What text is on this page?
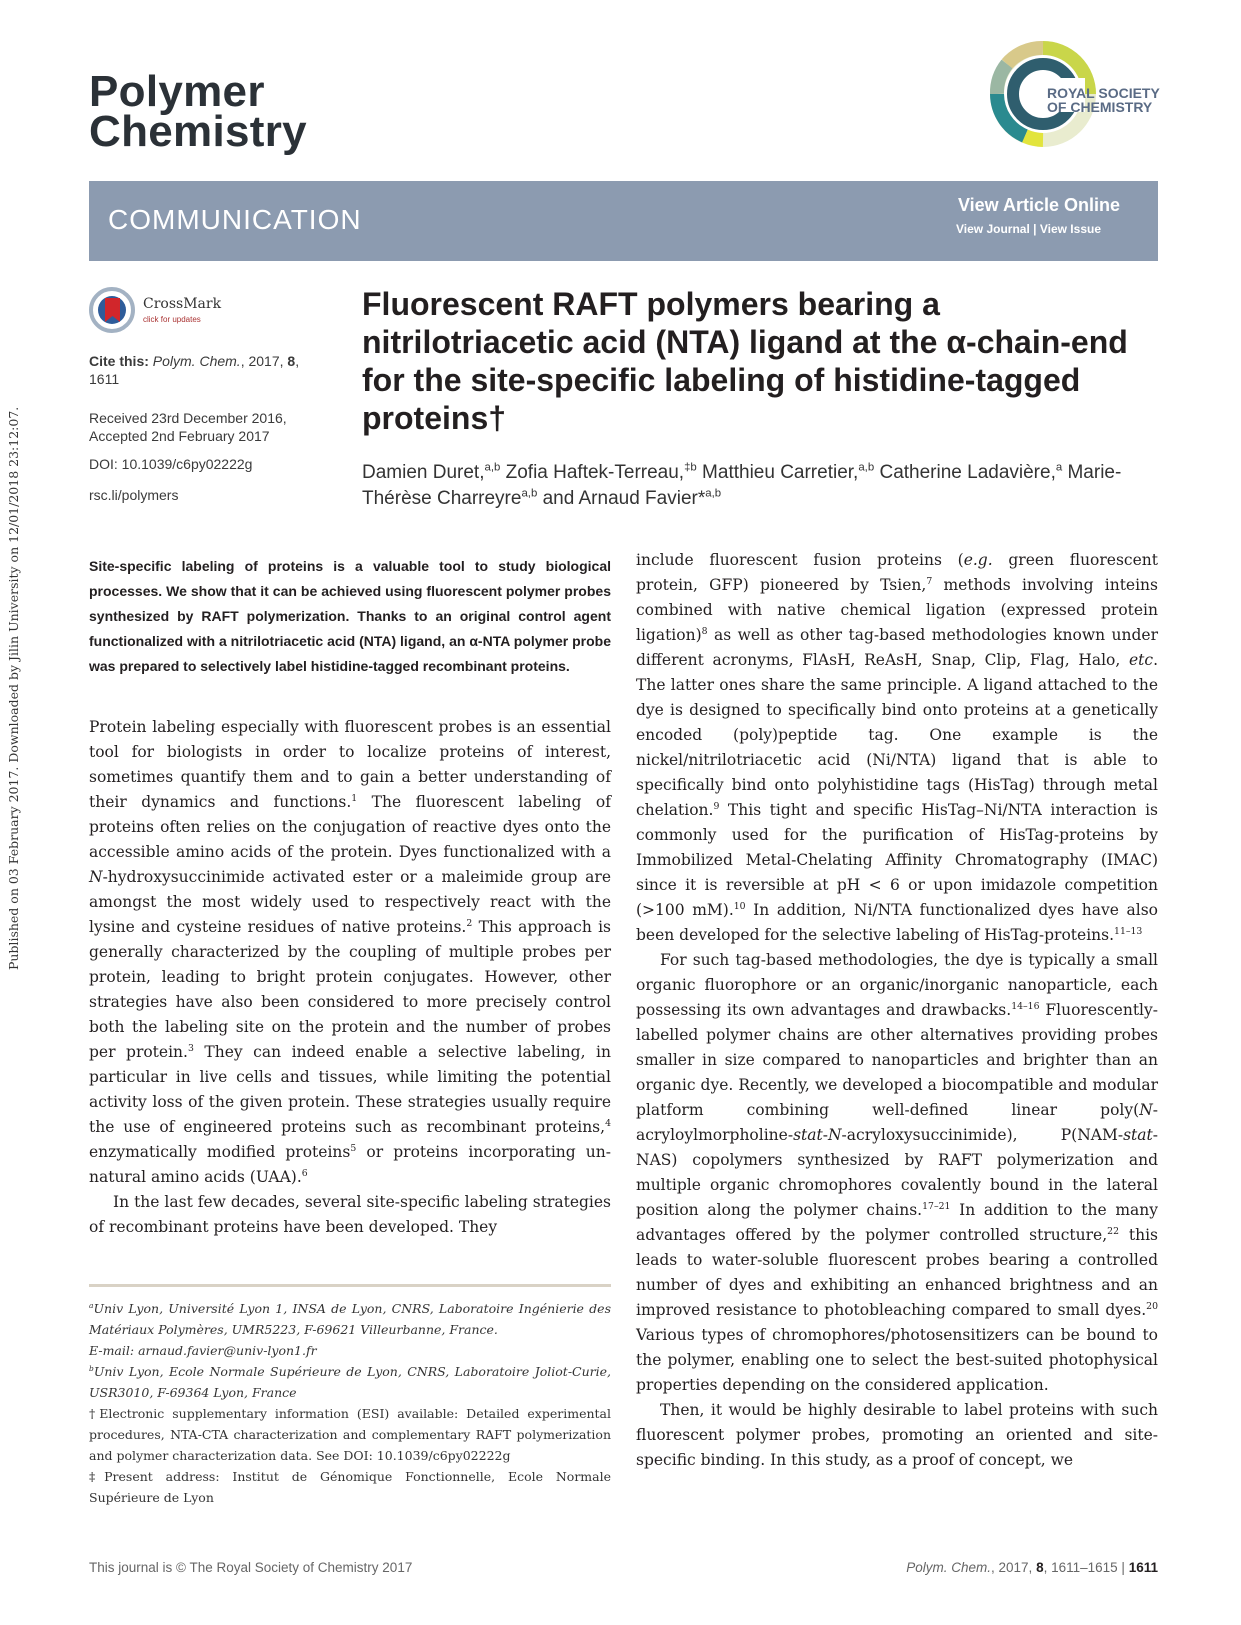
Published on 03 February 2017. Downloaded by Jilin University on 12/01/2018 23:12:07.
Polymer
Chemistry
ROYAL SOCIETY
OF CHEMISTRY
COMMUNICATION	View Article Online
View Journal | View Issue
CrossMark
click for updates
Cite this: Polym. Chem., 2017, 8,
1611
Received 23rd December 2016,
Accepted 2nd February 2017
DOI: 10.1039/c6py02222g
rsc.li/polymers
Fluorescent RAFT polymers bearing a nitrilotriacetic acid (NTA) ligand at the α-chain-end for the site-specific labeling of histidine-tagged proteins†
Damien Duret,$^{a,b}$ Zofia Haftek-Terreau,$^{\ddagger b}$ Matthieu Carretier,$^{a,b}$ Catherine Ladavière,$^a$ Marie-Thérèse Charreyre$^{a,b}$ and Arnaud Favier*$^{a,b}$
Site-specific labeling of proteins is a valuable tool to study biological processes. We show that it can be achieved using fluorescent polymer probes synthesized by RAFT polymerization. Thanks to an original control agent functionalized with a nitrilotriacetic acid (NTA) ligand, an α-NTA polymer probe was prepared to selectively label histidine-tagged recombinant proteins.

Protein labeling especially with fluorescent probes is an essential tool for biologists in order to localize proteins of interest, sometimes quantify them and to gain a better understanding of their dynamics and functions.$^1$ The fluorescent labeling of proteins often relies on the conjugation of reactive dyes onto the accessible amino acids of the protein. Dyes functionalized with a N-hydroxysuccinimide activated ester or a maleimide group are amongst the most widely used to respectively react with the lysine and cysteine residues of native proteins.$^2$ This approach is generally characterized by the coupling of multiple probes per protein, leading to bright protein conjugates. However, other strategies have also been considered to more precisely control both the labeling site on the protein and the number of probes per protein.$^3$ They can indeed enable a selective labeling, in particular in live cells and tissues, while limiting the potential activity loss of the given protein. These strategies usually require the use of engineered proteins such as recombinant proteins,$^4$ enzymatically modified proteins$^5$ or proteins incorporating un-natural amino acids (UAA).$^6$

In the last few decades, several site-specific labeling strategies of recombinant proteins have been developed. They

include fluorescent fusion proteins (e.g. green fluorescent protein, GFP) pioneered by Tsien,$^7$ methods involving inteins combined with native chemical ligation (expressed protein ligation)$^8$ as well as other tag-based methodologies known under different acronyms, FlAsH, ReAsH, Snap, Clip, Flag, Halo, etc. The latter ones share the same principle. A ligand attached to the dye is designed to specifically bind onto proteins at a genetically encoded (poly)peptide tag. One example is the nickel/nitrilotriacetic acid (Ni/NTA) ligand that is able to specifically bind onto polyhistidine tags (HisTag) through metal chelation.$^9$ This tight and specific HisTag–Ni/NTA interaction is commonly used for the purification of HisTag-proteins by Immobilized Metal-Chelating Affinity Chromatography (IMAC) since it is reversible at pH < 6 or upon imidazole competition (>100 mM).$^{10}$ In addition, Ni/NTA functionalized dyes have also been developed for the selective labeling of HisTag-proteins.$^{11-13}$

For such tag-based methodologies, the dye is typically a small organic fluorophore or an organic/inorganic nanoparticle, each possessing its own advantages and drawbacks.$^{14-16}$ Fluorescently-labelled polymer chains are other alternatives providing probes smaller in size compared to nanoparticles and brighter than an organic dye. Recently, we developed a biocompatible and modular platform combining well-defined linear poly(N-acryloylmorpholine-stat-N-acryloxysuccinimide), P(NAM-stat-NAS) copolymers synthesized by RAFT polymerization and multiple organic chromophores covalently bound in the lateral position along the polymer chains.$^{17-21}$ In addition to the many advantages offered by the polymer controlled structure,$^{22}$ this leads to water-soluble fluorescent probes bearing a controlled number of dyes and exhibiting an enhanced brightness and an improved resistance to photobleaching compared to small dyes.$^{20}$ Various types of chromophores/photosensitizers can be bound to the polymer, enabling one to select the best-suited photophysical properties depending on the considered application.

Then, it would be highly desirable to label proteins with such fluorescent polymer probes, promoting an oriented and site-specific binding. In this study, as a proof of concept, we

$^a$Univ Lyon, Université Lyon 1, INSA de Lyon, CNRS, Laboratoire Ingénierie des Matériaux Polymères, UMR5223, F-69621 Villeurbanne, France.

E-mail: arnaud.favier@univ-lyon1.fr

$^b$Univ Lyon, Ecole Normale Supérieure de Lyon, CNRS, Laboratoire Joliot-Curie, USR3010, F-69364 Lyon, France

†Electronic supplementary information (ESI) available: Detailed experimental procedures, NTA-CTA characterization and complementary RAFT polymerization and polymer characterization data. See DOI: 10.1039/c6py02222g

‡Present address: Institut de Génomique Fonctionnelle, Ecole Normale Supérieure de Lyon

This journal is © The Royal Society of Chemistry 2017	Polym. Chem., 2017, 8, 1611–1615 | 1611
